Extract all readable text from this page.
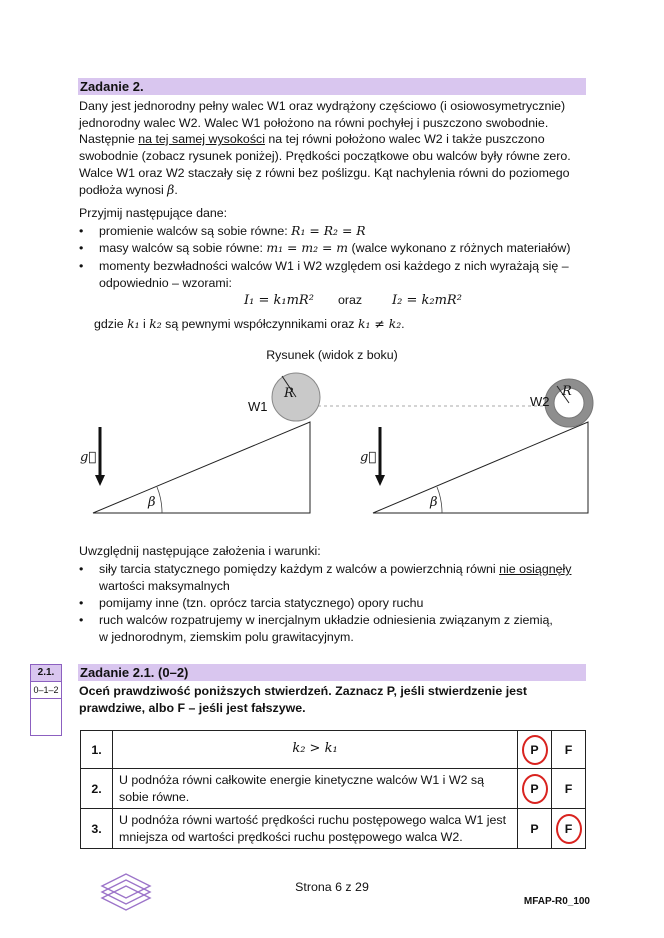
Zadanie 2.
Dany jest jednorodny pełny walec W1 oraz wydrążony częściowo (i osiowosymetrycznie)
jednorodny walec W2. Walec W1 położono na równi pochyłej i puszczono swobodnie.
Następnie na tej samej wysokości na tej równi położono walec W2 i także puszczono
swobodnie (zobacz rysunek poniżej). Prędkości początkowe obu walców były równe zero.
Walce W1 oraz W2 staczały się z równi bez poślizgu. Kąt nachylenia równi do poziomego
podłoża wynosi β.
Przyjmij następujące dane:
• promienie walców są sobie równe: R₁ = R₂ = R
• masy walców są sobie równe: m₁ = m₂ = m (walce wykonano z różnych materiałów)
• momenty bezwładności walców W1 i W2 względem osi każdego z nich wyrażają się –
odpowiednio – wzorami:
I₁ = k₁mR² oraz I₂ = k₂mR²
gdzie k₁ i k₂ są pewnymi współczynnikami oraz k₁ ≠ k₂.
Rysunek (widok z boku)
W1
R
W2
R
g⃗	g⃗
β	β
Uwzględnij następujące założenia i warunki:
• siły tarcia statycznego pomiędzy każdym z walców a powierzchnią równi nie osiągnęły
wartości maksymalnych
• pomijamy inne (tzn. oprócz tarcia statycznego) opory ruchu
• ruch walców rozpatrujemy w inercjalnym układzie odniesienia związanym z ziemią,
w jednorodnym, ziemskim polu grawitacyjnym.
2.1.
0–1–2
Zadanie 2.1. (0–2)
Oceń prawdziwość poniższych stwierdzeń. Zaznacz P, jeśli stwierdzenie jest
prawdziwe, albo F – jeśli jest fałszywe.
1.	k₂ > k₁	P	F
2.	U podnóża równi całkowite energie kinetyczne walców W1 i W2 są sobie równe.	P	F
3.	U podnóża równi wartość prędkości ruchu postępowego walca W1 jest mniejsza od wartości prędkości ruchu postępowego walca W2.	P	F
Strona 6 z 29
MFAP-R0_100
